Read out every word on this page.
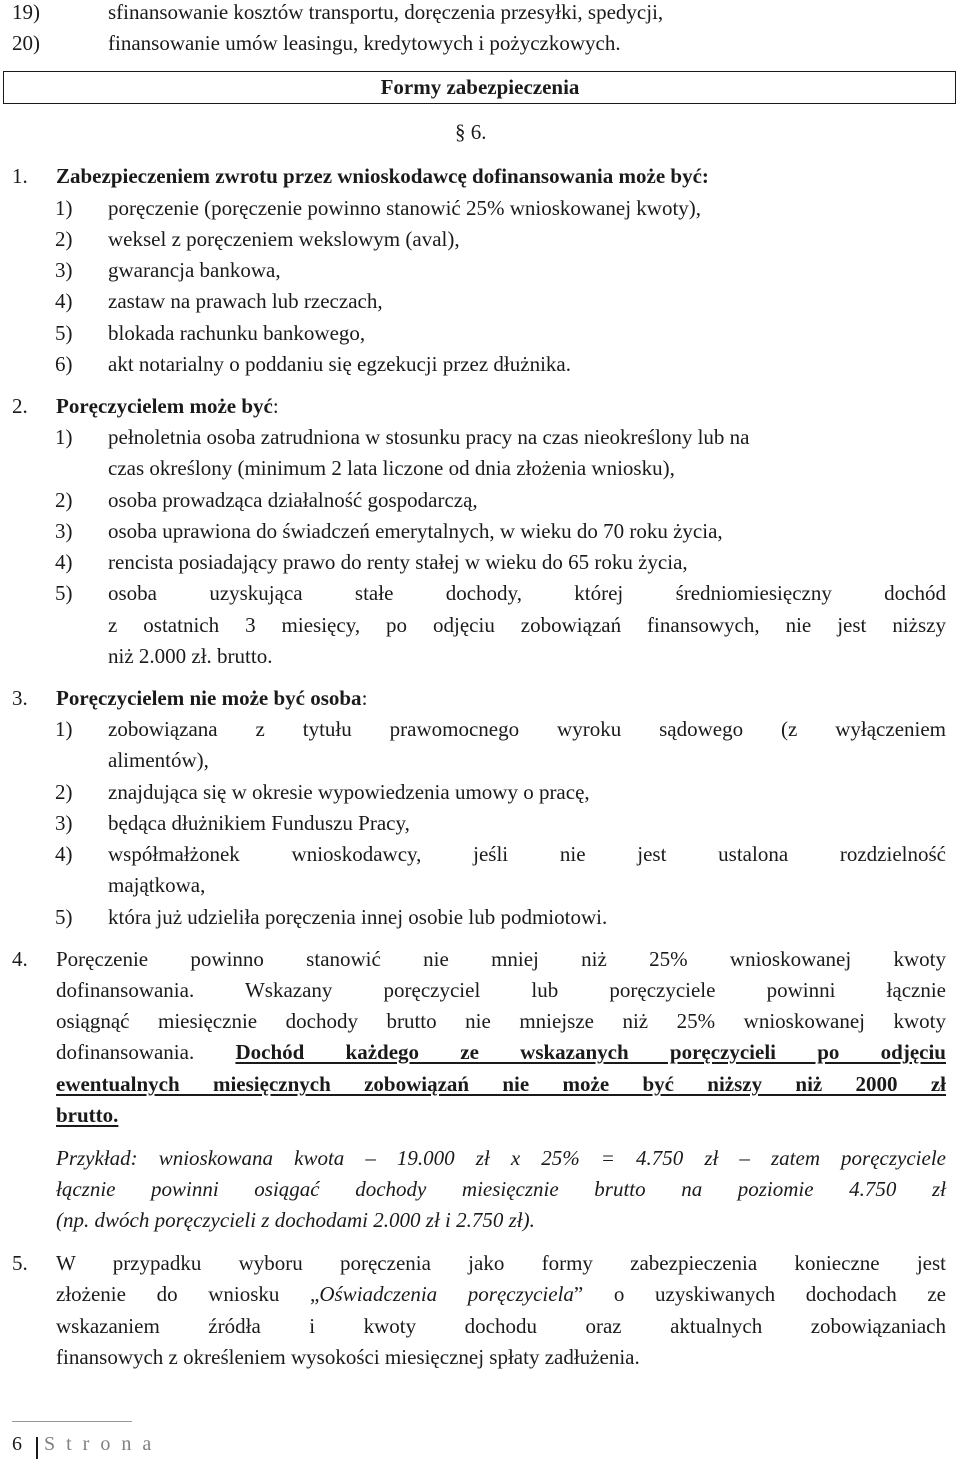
19)	sfinansowanie kosztów transportu, doręczenia przesyłki, spedycji,
20)	finansowanie umów leasingu, kredytowych i pożyczkowych.
Formy zabezpieczenia
§ 6.
1. Zabezpieczeniem zwrotu przez wnioskodawcę dofinansowania może być:
1) poręczenie (poręczenie powinno stanowić 25% wnioskowanej kwoty),
2) weksel z poręczeniem wekslowym (aval),
3) gwarancja bankowa,
4) zastaw na prawach lub rzeczach,
5) blokada rachunku bankowego,
6) akt notarialny o poddaniu się egzekucji przez dłużnika.
2. Poręczycielem może być:
1) pełnoletnia osoba zatrudniona w stosunku pracy na czas nieokreślony lub na
czas określony (minimum 2 lata liczone od dnia złożenia wniosku),
2) osoba prowadząca działalność gospodarczą,
3) osoba uprawiona do świadczeń emerytalnych, w wieku do 70 roku życia,
4) rencista posiadający prawo do renty stałej w wieku do 65 roku życia,
5) osoba uzyskująca stałe dochody, której średniomiesięczny dochód
z ostatnich 3 miesięcy, po odjęciu zobowiązań finansowych, nie jest niższy
niż 2.000 zł. brutto.
3. Poręczycielem nie może być osoba:
1) zobowiązana z tytułu prawomocnego wyroku sądowego (z wyłączeniem
alimentów),
2) znajdująca się w okresie wypowiedzenia umowy o pracę,
3) będąca dłużnikiem Funduszu Pracy,
4) współmałżonek wnioskodawcy, jeśli nie jest ustalona rozdzielność
majątkowa,
5) która już udzieliła poręczenia innej osobie lub podmiotowi.
4. Poręczenie powinno stanowić nie mniej niż 25% wnioskowanej kwoty
dofinansowania. Wskazany poręczyciel lub poręczyciele powinni łącznie
osiągnąć miesięcznie dochody brutto nie mniejsze niż 25% wnioskowanej kwoty
dofinansowania. Dochód każdego ze wskazanych poręczycieli po odjęciu
ewentualnych miesięcznych zobowiązań nie może być niższy niż 2000 zł
brutto.
Przykład: wnioskowana kwota – 19.000 zł x 25% = 4.750 zł – zatem poręczyciele
łącznie powinni osiągać dochody miesięcznie brutto na poziomie 4.750 zł
(np. dwóch poręczycieli z dochodami 2.000 zł i 2.750 zł).
5. W przypadku wyboru poręczenia jako formy zabezpieczenia konieczne jest
złożenie do wniosku „Oświadczenia poręczyciela” o uzyskiwanych dochodach ze
wskazaniem źródła i kwoty dochodu oraz aktualnych zobowiązaniach
finansowych z określeniem wysokości miesięcznej spłaty zadłużenia.
6 S t r o n a
